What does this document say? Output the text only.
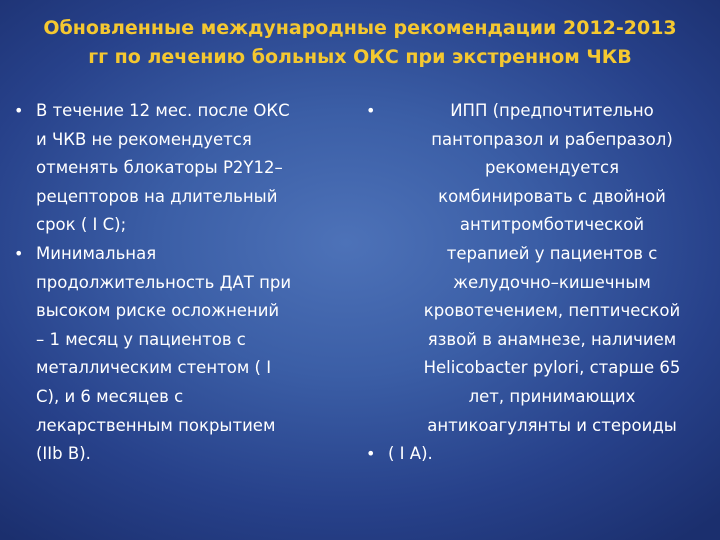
Обновленные международные рекомендации 2012-2013
гг по лечению больных ОКС при экстренном ЧКВ
• В течение 12 мес. после ОКС
и ЧКВ не рекомендуется
отменять блокаторы P2Y12–
рецепторов на длительный
срок ( I C);
• Минимальная
продолжительность ДАТ при
высоком риске осложнений
– 1 месяц у пациентов с
металлическим стентом ( I
C), и 6 месяцев с
лекарственным покрытием
(IIb B).
•	ИПП (предпочтительно
пантопразол и рабепразол)
рекомендуется
комбинировать с двойной
антитромботической
терапией у пациентов с
желудочно–кишечным
кровотечением, пептической
язвой в анамнезе, наличием
Helicobacter pylori, старше 65
лет, принимающих
антикоагулянты и стероиды
• ( I A).
